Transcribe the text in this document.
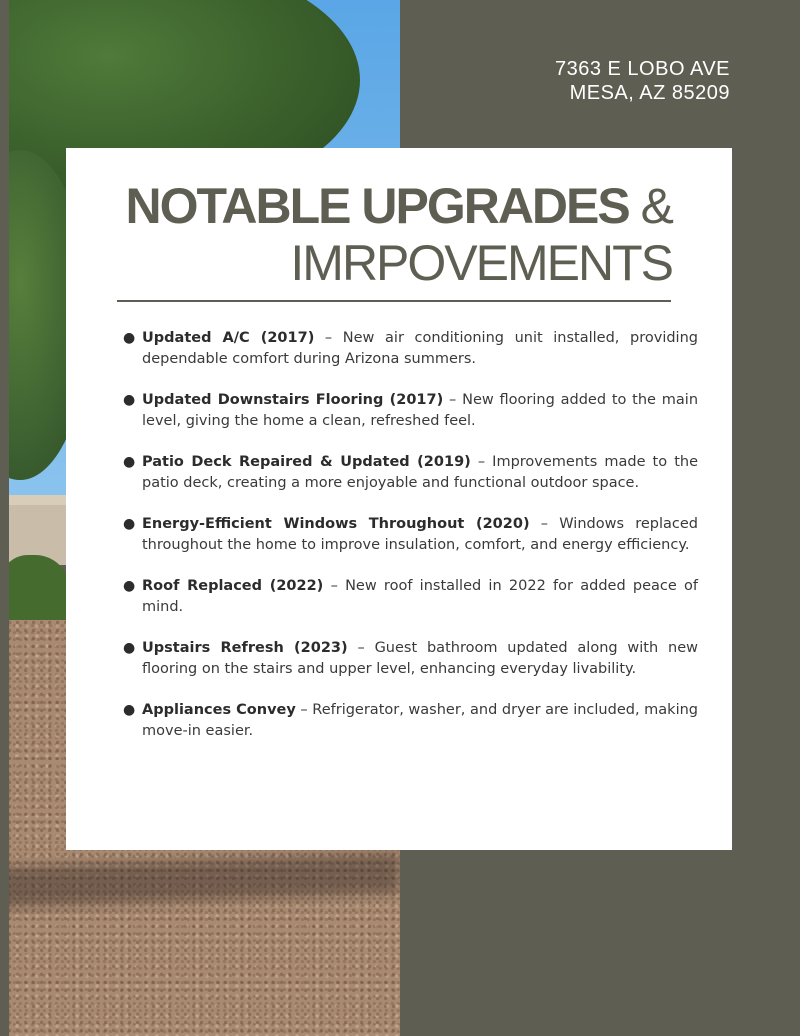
7363 E LOBO AVE
MESA, AZ 85209
NOTABLE UPGRADES &
IMRPOVEMENTS
● Updated A/C (2017) – New air conditioning unit installed, providing dependable comfort during Arizona summers.
● Updated Downstairs Flooring (2017) – New flooring added to the main level, giving the home a clean, refreshed feel.
● Patio Deck Repaired & Updated (2019) – Improvements made to the patio deck, creating a more enjoyable and functional outdoor space.
● Energy-Efficient Windows Throughout (2020) – Windows replaced throughout the home to improve insulation, comfort, and energy efficiency.
● Roof Replaced (2022) – New roof installed in 2022 for added peace of mind.
● Upstairs Refresh (2023) – Guest bathroom updated along with new flooring on the stairs and upper level, enhancing everyday livability.
● Appliances Convey – Refrigerator, washer, and dryer are included, making move-in easier.
